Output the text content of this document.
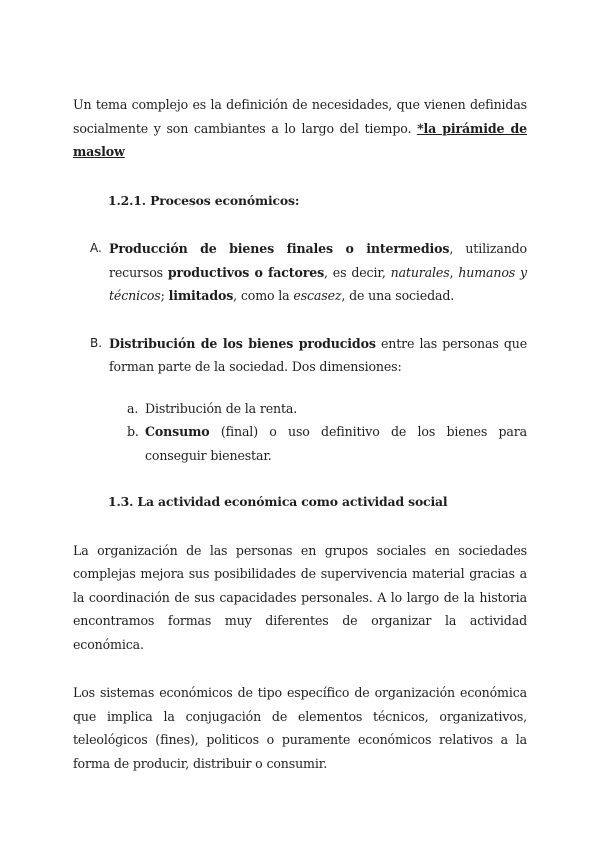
Un tema complejo es la definición de necesidades, que vienen definidas socialmente y son cambiantes a lo largo del tiempo. *la pirámide de maslow

1.2.1. Procesos económicos:
A. Producción de bienes finales o intermedios, utilizando recursos productivos o factores, es decir, naturales, humanos y técnicos; limitados, como la escasez, de una sociedad.

B. Distribución de los bienes producidos entre las personas que forman parte de la sociedad. Dos dimensiones:

a. Distribución de la renta.
b. Consumo (final) o uso definitivo de los bienes para conseguir bienestar.
1.3. La actividad económica como actividad social

La organización de las personas en grupos sociales en sociedades complejas mejora sus posibilidades de supervivencia material gracias a la coordinación de sus capacidades personales. A lo largo de la historia encontramos formas muy diferentes de organizar la actividad económica.

Los sistemas económicos de tipo específico de organización económica que implica la conjugación de elementos técnicos, organizativos, teleológicos (fines), politicos o puramente económicos relativos a la forma de producir, distribuir o consumir.
